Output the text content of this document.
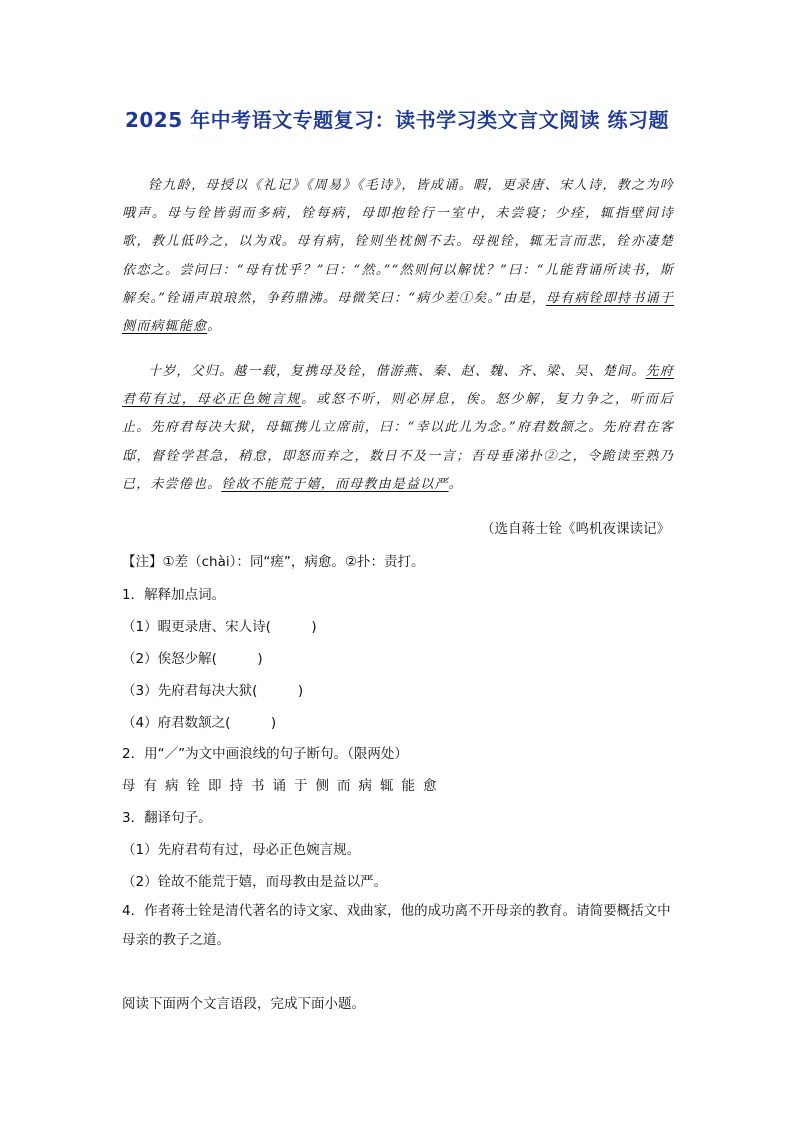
2025 年中考语文专题复习：读书学习类文言文阅读 练习题

铨九龄，母授以《礼记》《周易》《毛诗》，皆成诵。暇，更录唐、宋人诗，教之为吟哦声。母与铨皆弱而多病，铨每病，母即抱铨行一室中，未尝寝；少痊，辄指壁间诗歌，教儿低吟之，以为戏。母有病，铨则坐枕侧不去。母视铨，辄无言而悲，铨亦凄楚依恋之。尝问曰：“母有忧乎？”曰：“然。”“然则何以解忧？”曰：“儿能背诵所读书，斯解矣。”铨诵声琅琅然，争药鼎沸。母微笑曰：“病少差①矣。”由是，母有病铨即持书诵于侧而病辄能愈。

十岁，父归。越一载，复携母及铨，偕游燕、秦、赵、魏、齐、梁、吴、楚间。先府君苟有过，母必正色婉言规。或怒不听，则必屏息，俟。怒少解，复力争之，听而后止。先府君每决大狱，母辄携儿立席前，曰：“幸以此儿为念。”府君数颔之。先府君在客邸，督铨学甚急，稍怠，即怒而弃之，数日不及一言；吾母垂涕扑②之，令跪读至熟乃已，未尝倦也。铨故不能荒于嬉，而母教由是益以严。

（选自蒋士铨《鸣机夜课读记》
【注】①差（chài）：同“瘥”，病愈。②扑：责打。
1．解释加点词。
（1）暇更录唐、宋人诗(　　　)
（2）俟怒少解(　　　)
（3）先府君每决大狱(　　　)
（4）府君数颔之(　　　)
2．用“／”为文中画浪线的句子断句。（限两处）
母有病铨即持书诵于侧而病辄能愈
3．翻译句子。
（1）先府君苟有过，母必正色婉言规。
（2）铨故不能荒于嬉，而母教由是益以严。
4．作者蒋士铨是清代著名的诗文家、戏曲家，他的成功离不开母亲的教育。请简要概括文中母亲的教子之道。
阅读下面两个文言语段，完成下面小题。
